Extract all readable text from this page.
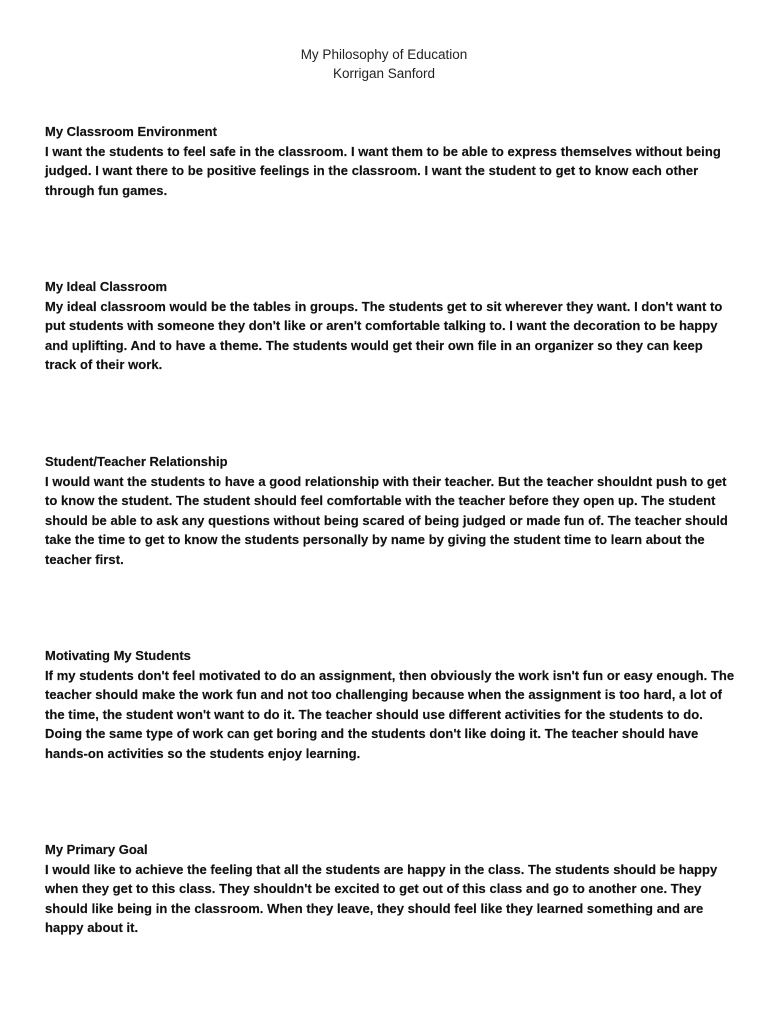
My Philosophy of Education
Korrigan Sanford
My Classroom Environment
I want the students to feel safe in the classroom. I want them to be able to express themselves without being judged. I want there to be positive feelings in the classroom. I want the student to get to know each other through fun games.
My Ideal Classroom
My ideal classroom would be the tables in groups. The students get to sit wherever they want. I don't want to put students with someone they don't like or aren't comfortable talking to. I want the decoration to be happy and uplifting. And to have a theme. The students would get their own file in an organizer so they can keep track of their work.
Student/Teacher Relationship
I would want the students to have a good relationship with their teacher. But the teacher shouldnt push to get to know the student. The student should feel comfortable with the teacher before they open up. The student should be able to ask any questions without being scared of being judged or made fun of. The teacher should take the time to get to know the students personally by name by giving the student time to learn about the teacher first.
Motivating My Students
If my students don't feel motivated to do an assignment, then obviously the work isn't fun or easy enough. The teacher should make the work fun and not too challenging because when the assignment is too hard, a lot of the time, the student won't want to do it. The teacher should use different activities for the students to do. Doing the same type of work can get boring and the students don't like doing it. The teacher should have hands-on activities so the students enjoy learning.
My Primary Goal
I would like to achieve the feeling that all the students are happy in the class. The students should be happy when they get to this class. They shouldn't be excited to get out of this class and go to another one. They should like being in the classroom. When they leave, they should feel like they learned something and are happy about it.
